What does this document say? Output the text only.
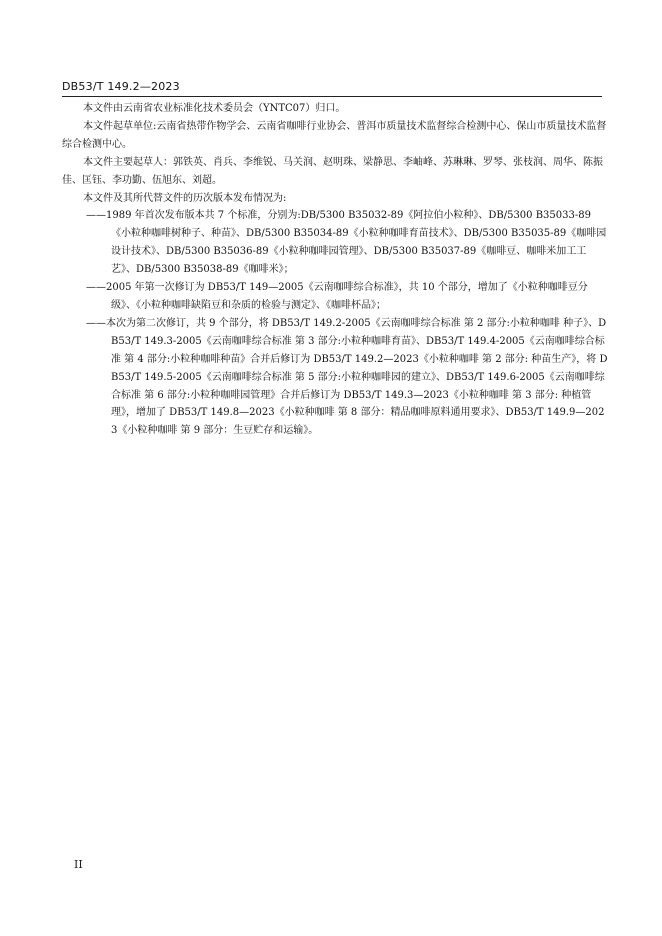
DB53/T 149.2—2023

本文件由云南省农业标准化技术委员会（YNTC07）归口。

本文件起草单位:云南省热带作物学会、云南省咖啡行业协会、普洱市质量技术监督综合检测中心、保山市质量技术监督综合检测中心。

本文件主要起草人：郭铁英、肖兵、李维锐、马关润、赵明珠、梁静思、李岫峰、苏琳琳、罗琴、张枝润、周华、陈振佳、匡钰、李功勤、伍旭东、刘超。

本文件及其所代替文件的历次版本发布情况为:

——1989 年首次发布版本共 7 个标准，分别为:DB/5300 B35032-89《阿拉伯小粒种》、DB/5300 B35033-89《小粒种咖啡树种子、种苗》、DB/5300 B35034-89《小粒种咖啡育苗技术》、DB/5300 B35035-89《咖啡园设计技术》、DB/5300 B35036-89《小粒种咖啡园管理》、DB/5300 B35037-89《咖啡豆、咖啡米加工工艺》、DB/5300 B35038-89《咖啡米》；

——2005 年第一次修订为 DB53/T 149—2005《云南咖啡综合标准》，共 10 个部分，增加了《小粒种咖啡豆分级》、《小粒种咖啡缺陷豆和杂质的检验与测定》、《咖啡杯品》；

——本次为第二次修订，共 9 个部分，将 DB53/T 149.2-2005《云南咖啡综合标准 第 2 部分:小粒种咖啡 种子》、DB53/T 149.3-2005《云南咖啡综合标准 第 3 部分:小粒种咖啡育苗》、DB53/T 149.4-2005《云南咖啡综合标准 第 4 部分:小粒种咖啡种苗》合并后修订为 DB53/T 149.2—2023《小粒种咖啡 第 2 部分: 种苗生产》，将 DB53/T 149.5-2005《云南咖啡综合标准 第 5 部分:小粒种咖啡园的建立》、DB53/T 149.6-2005《云南咖啡综合标准 第 6 部分:小粒种咖啡园管理》合并后修订为 DB53/T 149.3—2023《小粒种咖啡 第 3 部分: 种植管理》，增加了 DB53/T 149.8—2023《小粒种咖啡 第 8 部分：精品咖啡原料通用要求》、DB53/T 149.9—2023《小粒种咖啡 第 9 部分：生豆贮存和运输》。

II
